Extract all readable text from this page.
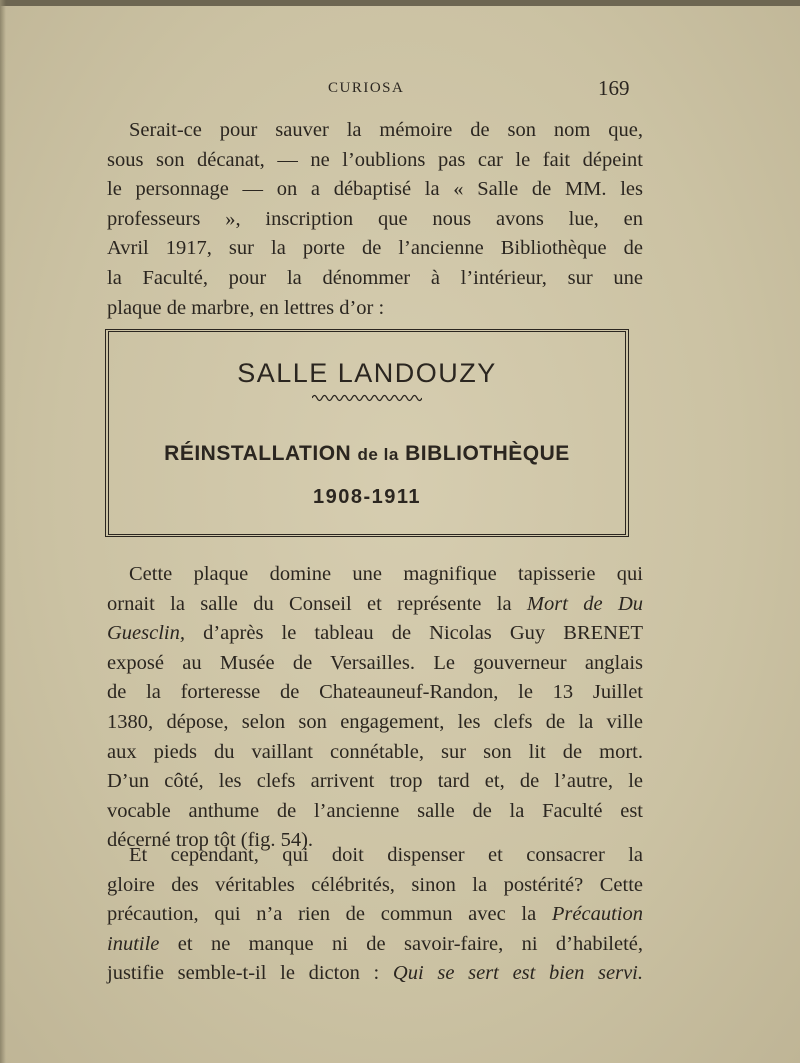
CURIOSA	169
Serait-ce pour sauver la mémoire de son nom que,
sous son décanat, — ne l’oublions pas car le fait dépeint
le personnage — on a débaptisé la « Salle de MM. les
professeurs », inscription que nous avons lue, en
Avril 1917, sur la porte de l’ancienne Bibliothèque de
la Faculté, pour la dénommer à l’intérieur, sur une
plaque de marbre, en lettres d’or :
SALLE LANDOUZY
RÉINSTALLATION de la BIBLIOTHÈQUE
1908-1911
Cette plaque domine une magnifique tapisserie qui
ornait la salle du Conseil et représente la Mort de Du
Guesclin, d’après le tableau de Nicolas Guy BRENET
exposé au Musée de Versailles. Le gouverneur anglais
de la forteresse de Chateauneuf-Randon, le 13 Juillet
1380, dépose, selon son engagement, les clefs de la ville
aux pieds du vaillant connétable, sur son lit de mort.
D’un côté, les clefs arrivent trop tard et, de l’autre, le
vocable anthume de l’ancienne salle de la Faculté est
décerné trop tôt (fig. 54).
Et cependant, qui doit dispenser et consacrer la
gloire des véritables célébrités, sinon la postérité? Cette
précaution, qui n’a rien de commun avec la Précaution
inutile et ne manque ni de savoir-faire, ni d’habileté,
justifie semble-t-il le dicton : Qui se sert est bien servi.
